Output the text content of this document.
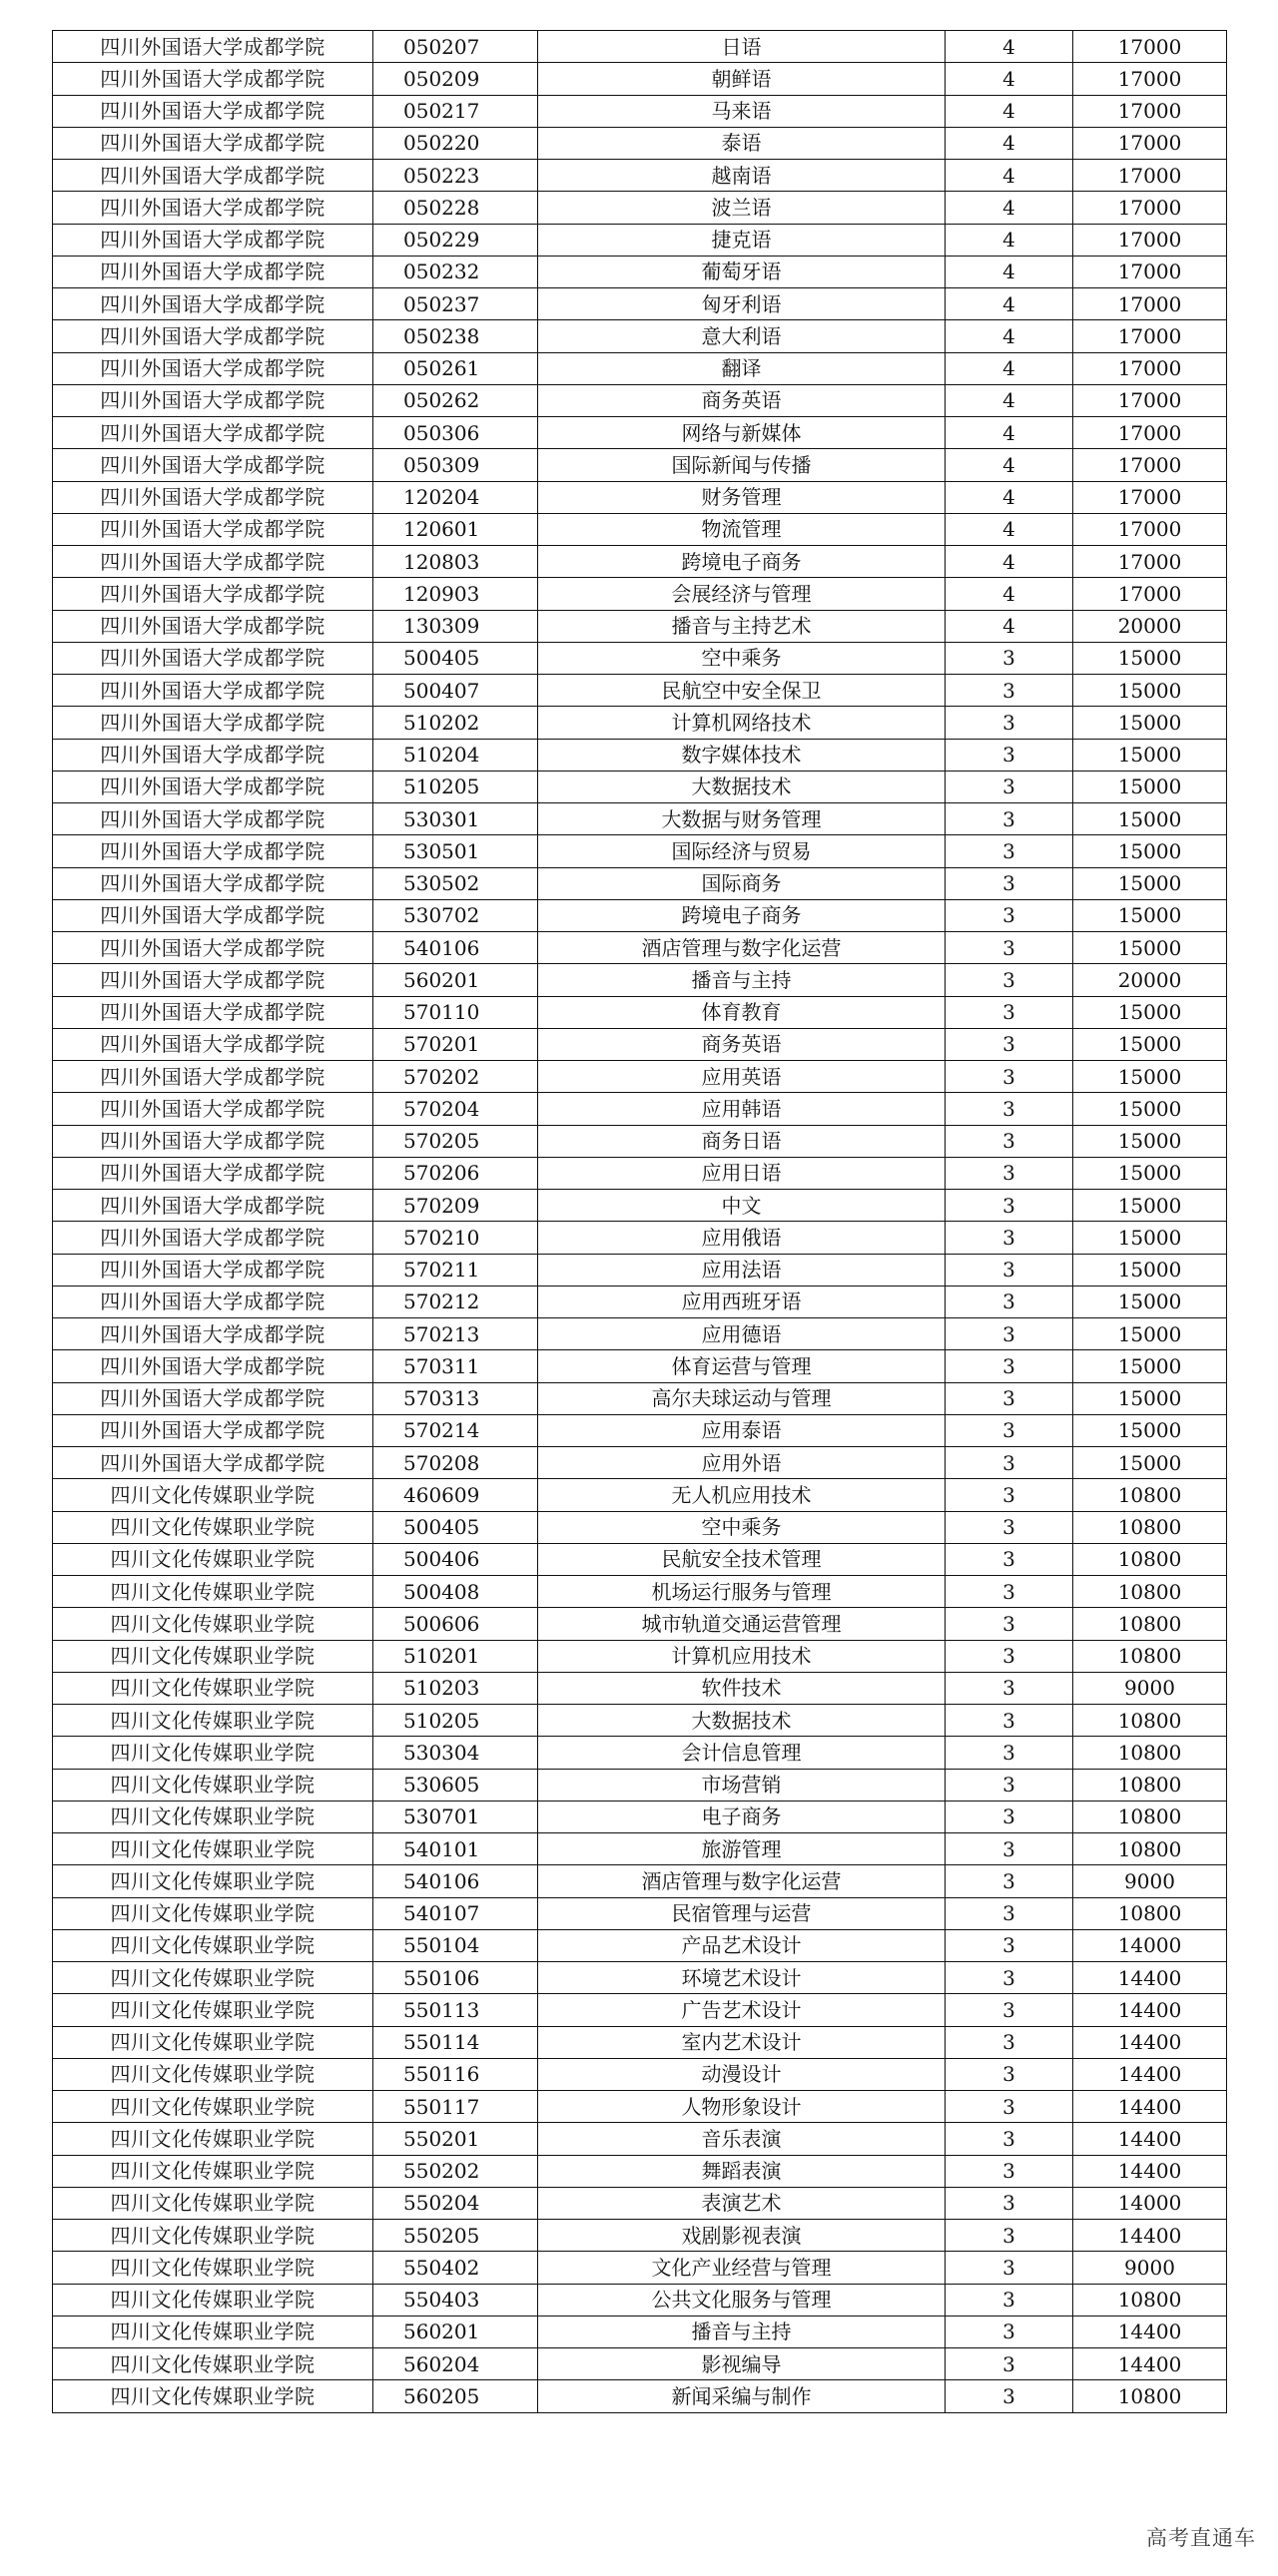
四川外国语大学成都学院	050207	日语	4	17000
四川外国语大学成都学院	050209	朝鲜语	4	17000
四川外国语大学成都学院	050217	马来语	4	17000
四川外国语大学成都学院	050220	泰语	4	17000
四川外国语大学成都学院	050223	越南语	4	17000
四川外国语大学成都学院	050228	波兰语	4	17000
四川外国语大学成都学院	050229	捷克语	4	17000
四川外国语大学成都学院	050232	葡萄牙语	4	17000
四川外国语大学成都学院	050237	匈牙利语	4	17000
四川外国语大学成都学院	050238	意大利语	4	17000
四川外国语大学成都学院	050261	翻译	4	17000
四川外国语大学成都学院	050262	商务英语	4	17000
四川外国语大学成都学院	050306	网络与新媒体	4	17000
四川外国语大学成都学院	050309	国际新闻与传播	4	17000
四川外国语大学成都学院	120204	财务管理	4	17000
四川外国语大学成都学院	120601	物流管理	4	17000
四川外国语大学成都学院	120803	跨境电子商务	4	17000
四川外国语大学成都学院	120903	会展经济与管理	4	17000
四川外国语大学成都学院	130309	播音与主持艺术	4	20000
四川外国语大学成都学院	500405	空中乘务	3	15000
四川外国语大学成都学院	500407	民航空中安全保卫	3	15000
四川外国语大学成都学院	510202	计算机网络技术	3	15000
四川外国语大学成都学院	510204	数字媒体技术	3	15000
四川外国语大学成都学院	510205	大数据技术	3	15000
四川外国语大学成都学院	530301	大数据与财务管理	3	15000
四川外国语大学成都学院	530501	国际经济与贸易	3	15000
四川外国语大学成都学院	530502	国际商务	3	15000
四川外国语大学成都学院	530702	跨境电子商务	3	15000
四川外国语大学成都学院	540106	酒店管理与数字化运营	3	15000
四川外国语大学成都学院	560201	播音与主持	3	20000
四川外国语大学成都学院	570110	体育教育	3	15000
四川外国语大学成都学院	570201	商务英语	3	15000
四川外国语大学成都学院	570202	应用英语	3	15000
四川外国语大学成都学院	570204	应用韩语	3	15000
四川外国语大学成都学院	570205	商务日语	3	15000
四川外国语大学成都学院	570206	应用日语	3	15000
四川外国语大学成都学院	570209	中文	3	15000
四川外国语大学成都学院	570210	应用俄语	3	15000
四川外国语大学成都学院	570211	应用法语	3	15000
四川外国语大学成都学院	570212	应用西班牙语	3	15000
四川外国语大学成都学院	570213	应用德语	3	15000
四川外国语大学成都学院	570311	体育运营与管理	3	15000
四川外国语大学成都学院	570313	高尔夫球运动与管理	3	15000
四川外国语大学成都学院	570214	应用泰语	3	15000
四川外国语大学成都学院	570208	应用外语	3	15000
四川文化传媒职业学院	460609	无人机应用技术	3	10800
四川文化传媒职业学院	500405	空中乘务	3	10800
四川文化传媒职业学院	500406	民航安全技术管理	3	10800
四川文化传媒职业学院	500408	机场运行服务与管理	3	10800
四川文化传媒职业学院	500606	城市轨道交通运营管理	3	10800
四川文化传媒职业学院	510201	计算机应用技术	3	10800
四川文化传媒职业学院	510203	软件技术	3	9000
四川文化传媒职业学院	510205	大数据技术	3	10800
四川文化传媒职业学院	530304	会计信息管理	3	10800
四川文化传媒职业学院	530605	市场营销	3	10800
四川文化传媒职业学院	530701	电子商务	3	10800
四川文化传媒职业学院	540101	旅游管理	3	10800
四川文化传媒职业学院	540106	酒店管理与数字化运营	3	9000
四川文化传媒职业学院	540107	民宿管理与运营	3	10800
四川文化传媒职业学院	550104	产品艺术设计	3	14000
四川文化传媒职业学院	550106	环境艺术设计	3	14400
四川文化传媒职业学院	550113	广告艺术设计	3	14400
四川文化传媒职业学院	550114	室内艺术设计	3	14400
四川文化传媒职业学院	550116	动漫设计	3	14400
四川文化传媒职业学院	550117	人物形象设计	3	14400
四川文化传媒职业学院	550201	音乐表演	3	14400
四川文化传媒职业学院	550202	舞蹈表演	3	14400
四川文化传媒职业学院	550204	表演艺术	3	14000
四川文化传媒职业学院	550205	戏剧影视表演	3	14400
四川文化传媒职业学院	550402	文化产业经营与管理	3	9000
四川文化传媒职业学院	550403	公共文化服务与管理	3	10800
四川文化传媒职业学院	560201	播音与主持	3	14400
四川文化传媒职业学院	560204	影视编导	3	14400
四川文化传媒职业学院	560205	新闻采编与制作	3	10800
高考直通车
